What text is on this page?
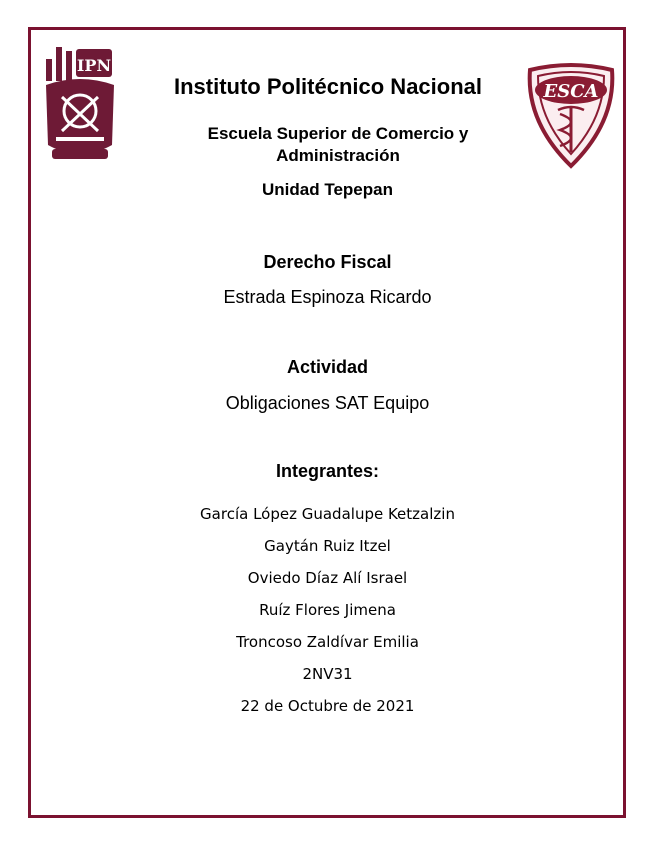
IPN
ESCA
Instituto Politécnico Nacional
Escuela Superior de Comercio y
Administración
Unidad Tepepan
Derecho Fiscal
Estrada Espinoza Ricardo
Actividad
Obligaciones SAT Equipo
Integrantes:
García López Guadalupe Ketzalzin
Gaytán Ruiz Itzel
Oviedo Díaz Alí Israel
Ruíz Flores Jimena
Troncoso Zaldívar Emilia
2NV31
22 de Octubre de 2021
